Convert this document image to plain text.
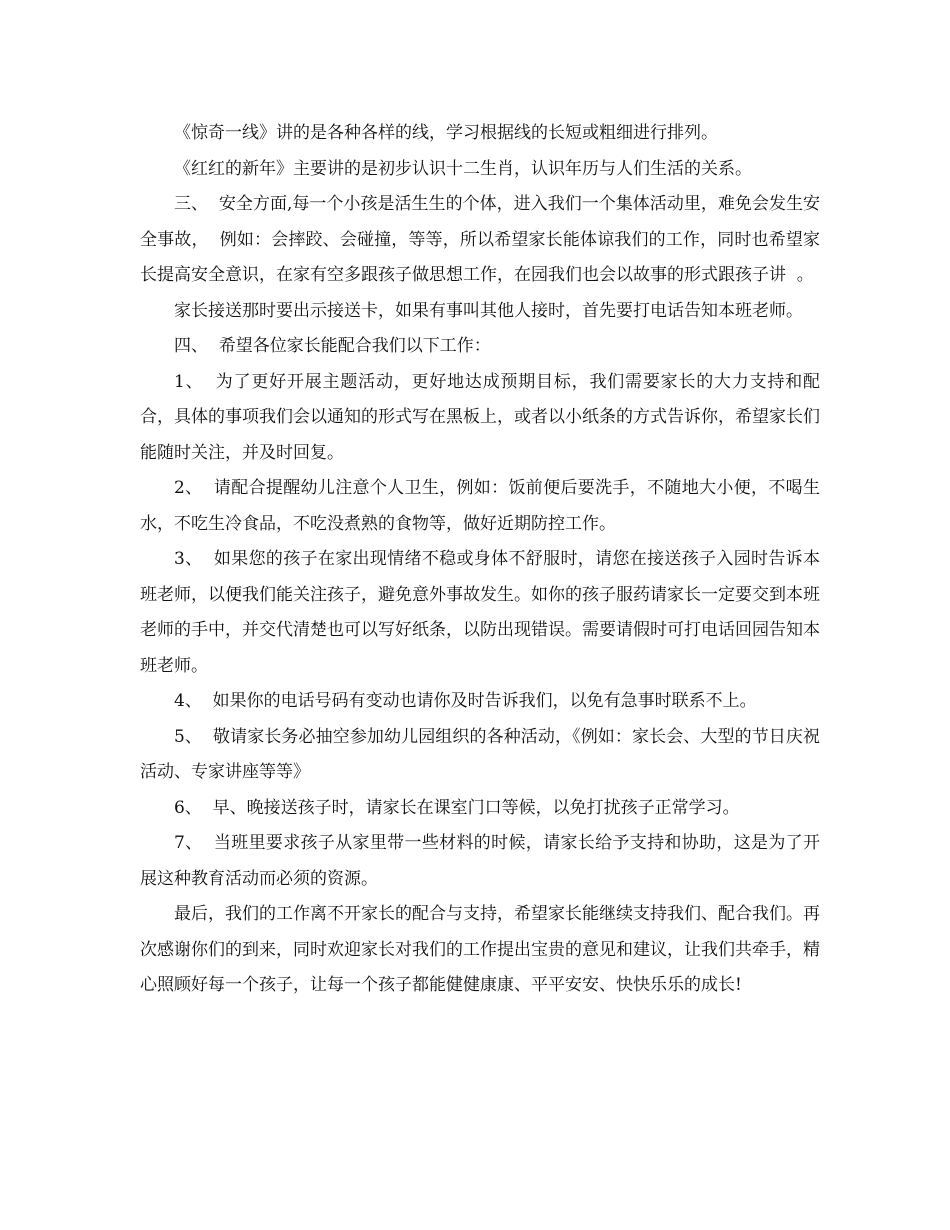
《惊奇一线》讲的是各种各样的线，学习根据线的长短或粗细进行排列。

《红红的新年》主要讲的是初步认识十二生肖，认识年历与人们生活的关系。

三、  安全方面,每一个小孩是活生生的个体，进入我们一个集体活动里，难免会发生安全事故，  例如：会摔跤、会碰撞，等等，所以希望家长能体谅我们的工作，同时也希望家长提高安全意识，在家有空多跟孩子做思想工作，在园我们也会以故事的形式跟孩子讲  。

家长接送那时要出示接送卡，如果有事叫其他人接时，首先要打电话告知本班老师。

四、  希望各位家长能配合我们以下工作：

1、  为了更好开展主题活动，更好地达成预期目标，我们需要家长的大力支持和配合，具体的事项我们会以通知的形式写在黑板上，或者以小纸条的方式告诉你，希望家长们能随时关注，并及时回复。

2、  请配合提醒幼儿注意个人卫生，例如：饭前便后要洗手，不随地大小便，不喝生水，不吃生冷食品，不吃没煮熟的食物等，做好近期防控工作。

3、  如果您的孩子在家出现情绪不稳或身体不舒服时，请您在接送孩子入园时告诉本班老师，以便我们能关注孩子，避免意外事故发生。如你的孩子服药请家长一定要交到本班老师的手中，并交代清楚也可以写好纸条，以防出现错误。需要请假时可打电话回园告知本班老师。

4、  如果你的电话号码有变动也请你及时告诉我们，以免有急事时联系不上。

5、  敬请家长务必抽空参加幼儿园组织的各种活动，《例如：家长会、大型的节日庆祝活动、专家讲座等等》

6、  早、晚接送孩子时，请家长在课室门口等候，以免打扰孩子正常学习。

7、  当班里要求孩子从家里带一些材料的时候，请家长给予支持和协助，这是为了开展这种教育活动而必须的资源。

最后，我们的工作离不开家长的配合与支持，希望家长能继续支持我们、配合我们。再次感谢你们的到来，同时欢迎家长对我们的工作提出宝贵的意见和建议，让我们共牵手，精心照顾好每一个孩子，让每一个孩子都能健健康康、平平安安、快快乐乐的成长!
